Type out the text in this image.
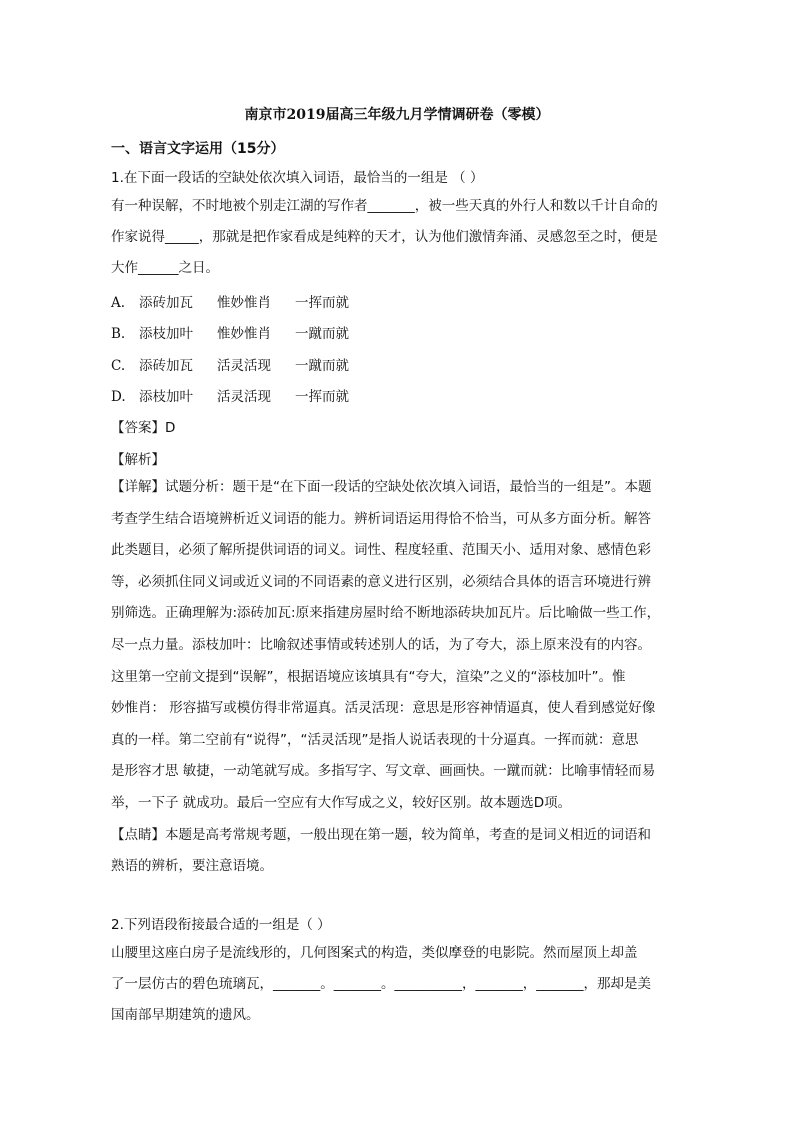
南京市2019届高三年级九月学情调研卷（零模）
一、语言文字运用（15分）
1.在下面一段话的空缺处依次填入词语，最恰当的一组是 （ ）
有一种误解，不时地被个别走江湖的写作者_______，被一些天真的外行人和数以千计自命的
作家说得_____，那就是把作家看成是纯粹的天才，认为他们激情奔涌、灵感忽至之时，便是
大作______之日。
A. 添砖加瓦 惟妙惟肖 一挥而就
B. 添枝加叶 惟妙惟肖 一蹴而就
C. 添砖加瓦 活灵活现 一蹴而就
D. 添枝加叶 活灵活现 一挥而就
【答案】D
【解析】
【详解】试题分析：题干是“在下面一段话的空缺处依次填入词语，最恰当的一组是”。本题
考查学生结合语境辨析近义词语的能力。辨析词语运用得恰不恰当，可从多方面分析。解答
此类题目，必须了解所提供词语的词义。词性、程度轻重、范围天小、适用对象、感情色彩
等，必须抓住同义词或近义词的不同语素的意义进行区别，必须结合具体的语言环境进行辨
别筛选。正确理解为:添砖加瓦:原来指建房屋时给不断地添砖块加瓦片。后比喻做一些工作，
尽一点力量。添枝加叶：比喻叙述事情或转述别人的话，为了夸大，添上原来没有的内容。
这里第一空前文提到“误解”，根据语境应该填具有“夸大，渲染”之义的“添枝加叶”。惟
妙惟肖： 形容描写或模仿得非常逼真。活灵活现：意思是形容神情逼真，使人看到感觉好像
真的一样。第二空前有“说得”，“活灵活现”是指人说话表现的十分逼真。一挥而就：意思
是形容才思 敏捷，一动笔就写成。多指写字、写文章、画画快。一蹴而就：比喻事情轻而易
举，一下子 就成功。最后一空应有大作写成之义，较好区别。故本题选D项。
【点睛】本题是高考常规考题，一般出现在第一题，较为简单，考查的是词义相近的词语和
熟语的辨析，要注意语境。
2.下列语段衔接最合适的一组是（ ）
山腰里这座白房子是流线形的，几何图案式的构造，类似摩登的电影院。然而屋顶上却盖
了一层仿古的碧色琉璃瓦，_______。_______。__________，_______，_______，那却是美
国南部早期建筑的遗风。
